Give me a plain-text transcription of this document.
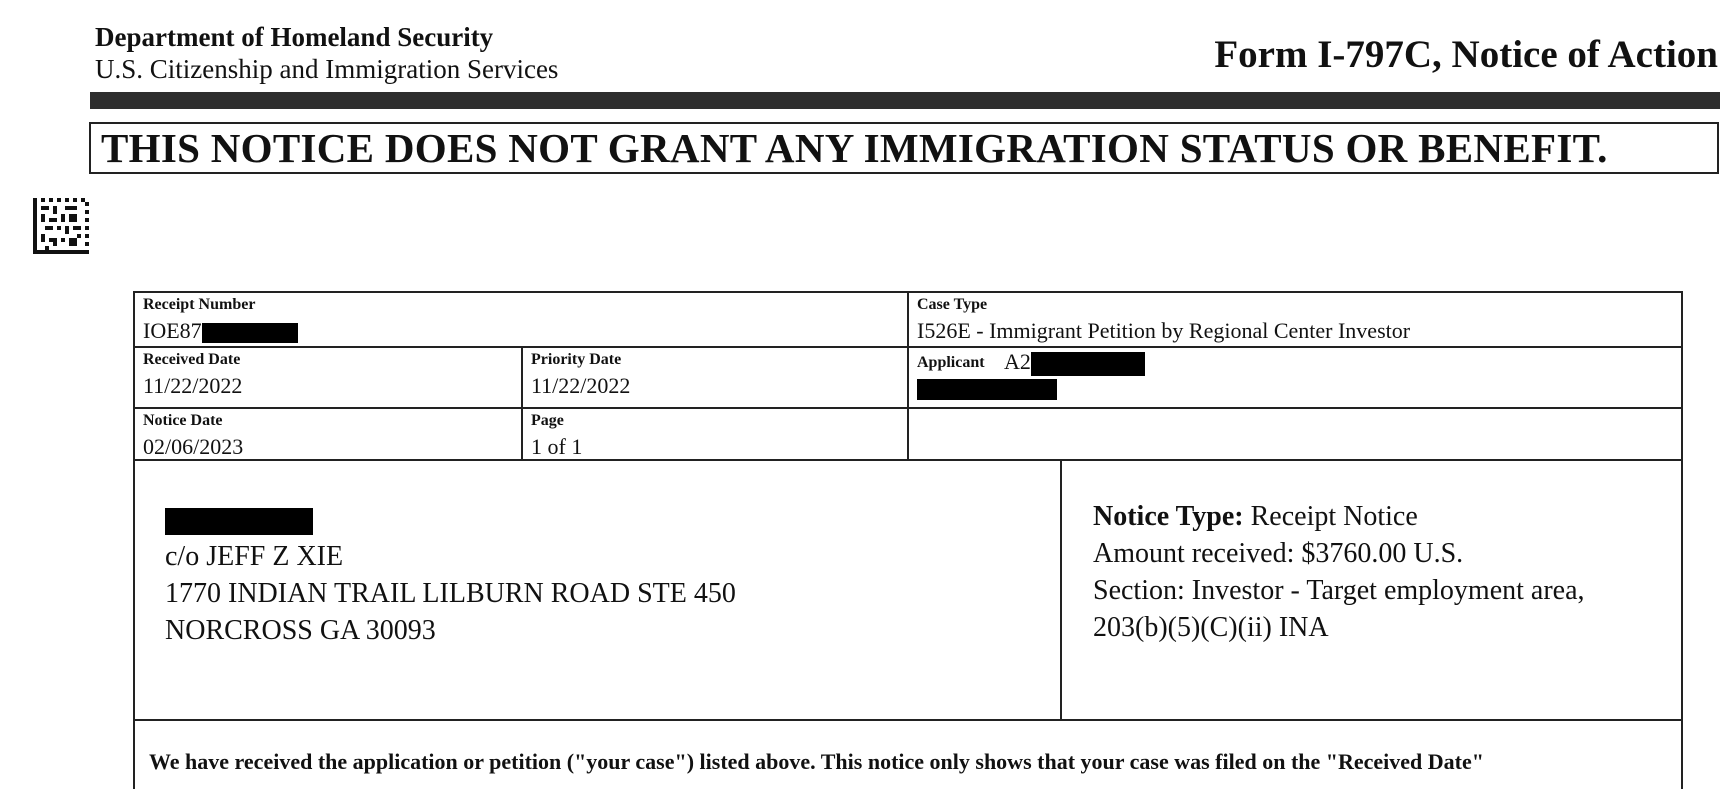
Department of Homeland Security
U.S. Citizenship and Immigration Services	Form I-797C, Notice of Action
THIS NOTICE DOES NOT GRANT ANY IMMIGRATION STATUS OR BENEFIT.
Receipt Number
IOE87
Case Type
I526E - Immigrant Petition by Regional Center Investor
Received Date
11/22/2022
Priority Date
11/22/2022
Applicant A2
Notice Date
02/06/2023
Page
1 of 1
c/o JEFF Z XIE
1770 INDIAN TRAIL LILBURN ROAD STE 450
NORCROSS GA 30093
Notice Type: Receipt Notice
Amount received: $3760.00 U.S.
Section: Investor - Target employment area,
203(b)(5)(C)(ii) INA
We have received the application or petition ("your case") listed above. This notice only shows that your case was filed on the "Received Date"
